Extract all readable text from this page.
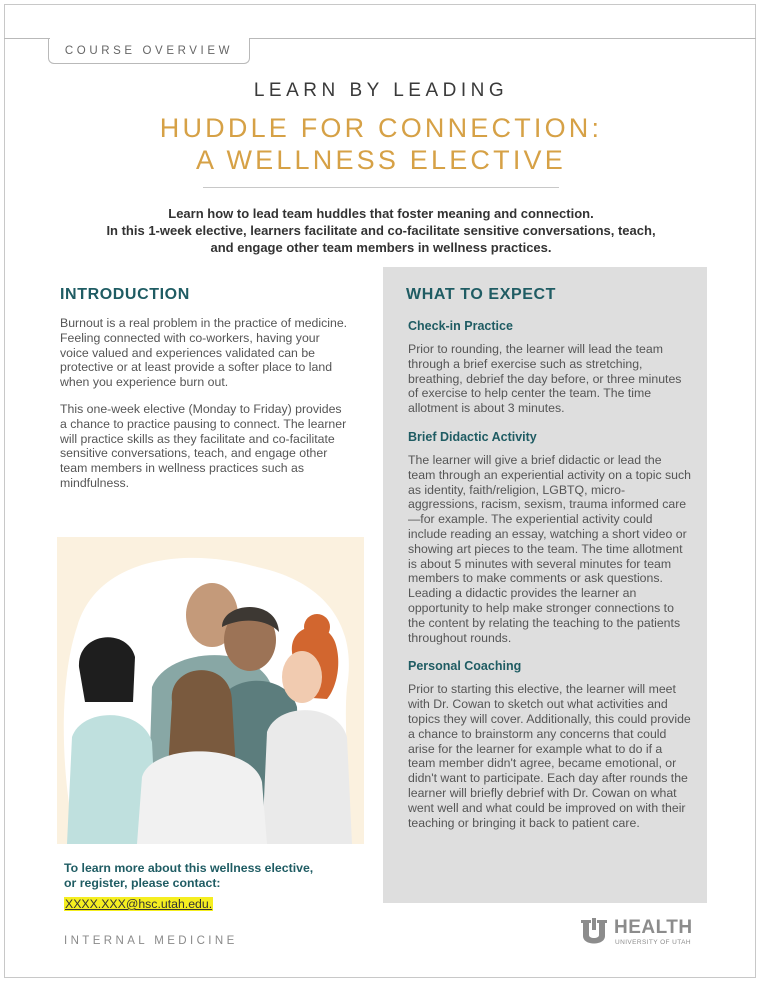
COURSE OVERVIEW
LEARN BY LEADING
HUDDLE FOR CONNECTION:
A WELLNESS ELECTIVE
Learn how to lead team huddles that foster meaning and connection.
In this 1-week elective, learners facilitate and co-facilitate sensitive conversations, teach,
and engage other team members in wellness practices.
INTRODUCTION

Burnout is a real problem in the practice of medicine. Feeling connected with co-workers, having your voice valued and experiences validated can be protective or at least provide a softer place to land when you experience burn out.

This one-week elective (Monday to Friday) provides a chance to practice pausing to connect. The learner will practice skills as they facilitate and co-facilitate sensitive conversations, teach, and engage other team members in wellness practices such as mindfulness.

WHAT TO EXPECT
Check-in Practice

Prior to rounding, the learner will lead the team through a brief exercise such as stretching, breathing, debrief the day before, or three minutes of exercise to help center the team. The time allotment is about 3 minutes.

Brief Didactic Activity

The learner will give a brief didactic or lead the team through an experiential activity on a topic such as identity, faith/religion, LGBTQ, micro-aggressions, racism, sexism, trauma informed care—for example. The experiential activity could include reading an essay, watching a short video or showing art pieces to the team. The time allotment is about 5 minutes with several minutes for team members to make comments or ask questions. Leading a didactic provides the learner an opportunity to help make stronger connections to the content by relating the teaching to the patients throughout rounds.

Personal Coaching

Prior to starting this elective, the learner will meet with Dr. Cowan to sketch out what activities and topics they will cover. Additionally, this could provide a chance to brainstorm any concerns that could arise for the learner for example what to do if a team member didn't agree, became emotional, or didn't want to participate. Each day after rounds the learner will briefly debrief with Dr. Cowan on what went well and what could be improved on with their teaching or bringing it back to patient care.

To learn more about this wellness elective,
or register, please contact:
XXXX.XXX@hsc.utah.edu.
INTERNAL MEDICINE
HEALTH
UNIVERSITY OF UTAH
